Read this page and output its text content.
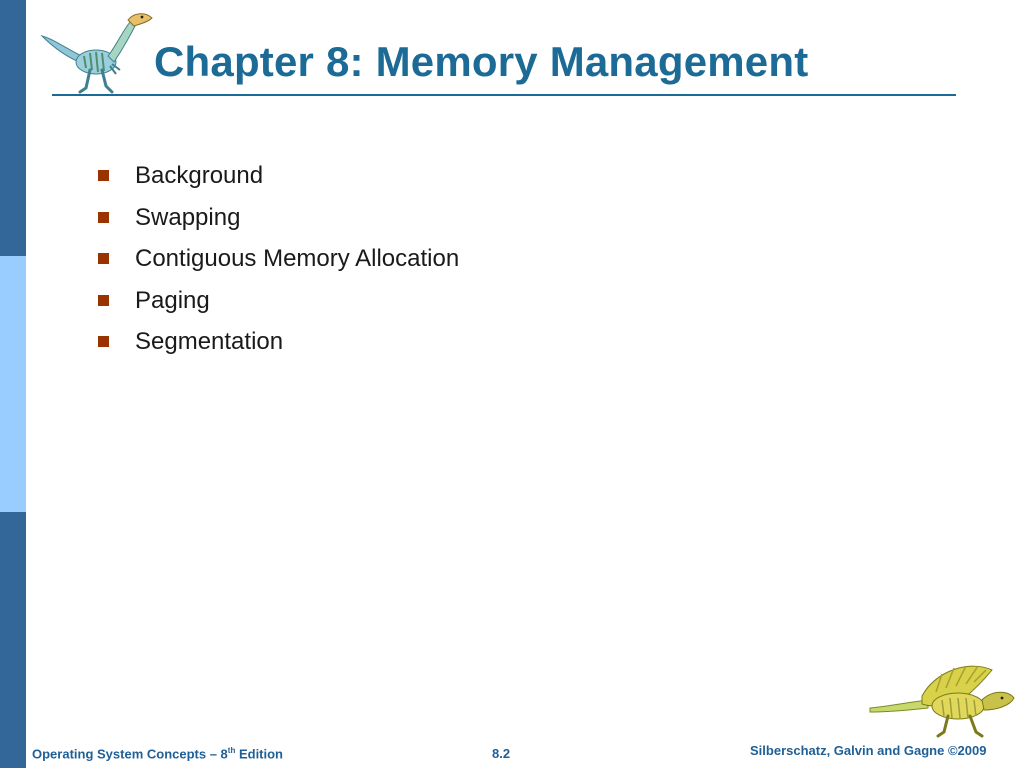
Chapter 8: Memory Management
Background
Swapping
Contiguous Memory Allocation
Paging
Segmentation
Operating System Concepts – 8th Edition	8.2	Silberschatz, Galvin and Gagne ©2009
